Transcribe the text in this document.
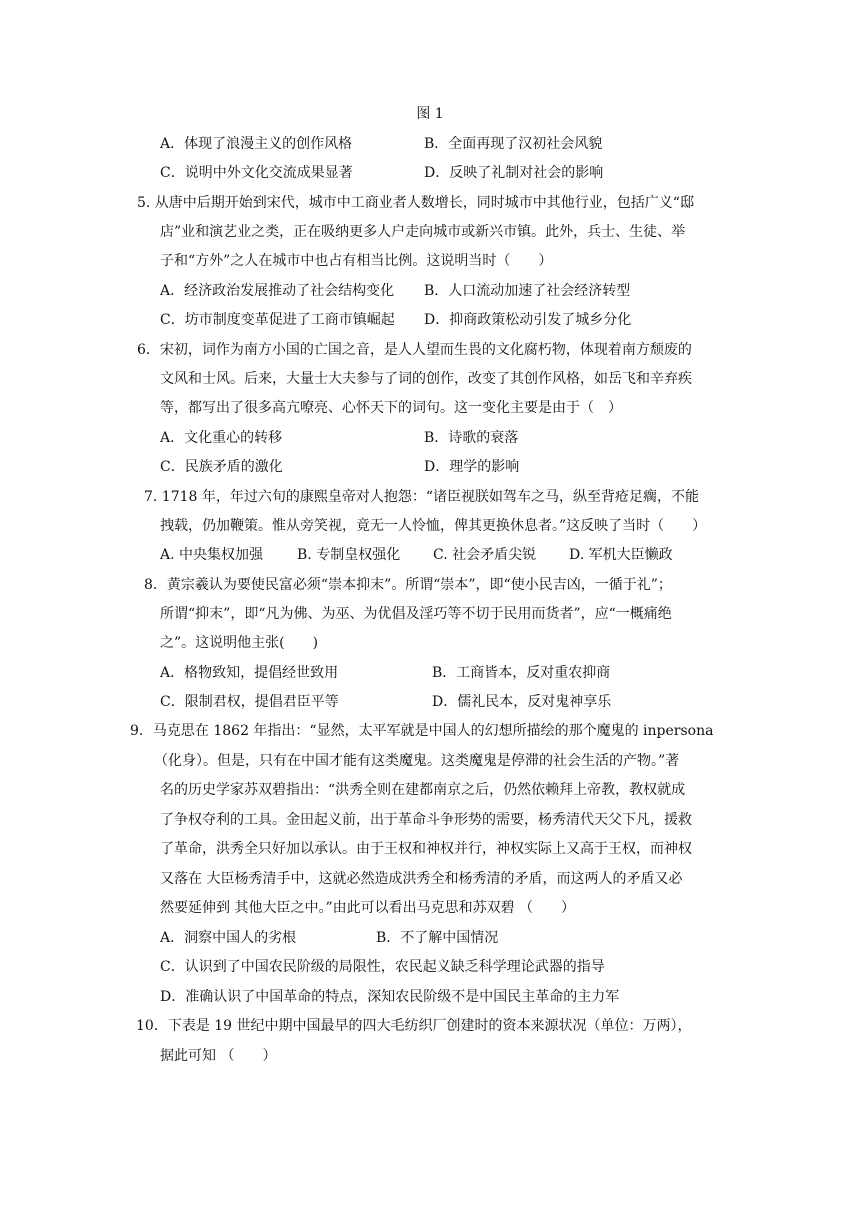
图 1
A．体现了浪漫主义的创作风格	B．全面再现了汉初社会风貌
C．说明中外文化交流成果显著	D．反映了礼制对社会的影响
5. 从唐中后期开始到宋代，城市中工商业者人数增长，同时城市中其他行业，包括广义“邸
店”业和演艺业之类，正在吸纳更多人户走向城市或新兴市镇。此外，兵士、生徒、举
子和“方外”之人在城市中也占有相当比例。这说明当时（　　）
A．经济政治发展推动了社会结构变化 B．人口流动加速了社会经济转型
C．坊市制度变革促进了工商市镇崛起 D．抑商政策松动引发了城乡分化
6．宋初，词作为南方小国的亡国之音，是人人望而生畏的文化腐朽物，体现着南方颓废的
文风和士风。后来，大量士大夫参与了词的创作，改变了其创作风格，如岳飞和辛弃疾
等，都写出了很多高亢嘹亮、心怀天下的词句。这一变化主要是由于（　）
A．文化重心的转移	B．诗歌的衰落
C．民族矛盾的激化	D．理学的影响
7. 1718 年，年过六旬的康熙皇帝对人抱怨：“诸臣视朕如驾车之马，纵至背疮足瘸，不能
拽载，仍加鞭策。惟从旁笑视，竟无一人怜恤，俾其更换休息者。”这反映了当时（　　）
A. 中央集权加强 B. 专制皇权强化 C. 社会矛盾尖锐 D. 军机大臣懒政
8．黄宗羲认为要使民富必须“崇本抑末”。所谓“崇本”，即“使小民吉凶，一循于礼”；
所谓“抑末”，即“凡为佛、为巫、为优倡及淫巧等不切于民用而货者”，应“一概痛绝
之”。这说明他主张(　　)
A．格物致知，提倡经世致用	B．工商皆本，反对重农抑商
C．限制君权，提倡君臣平等	D．儒礼民本，反对鬼神享乐
9．马克思在 1862 年指出：“显然，太平军就是中国人的幻想所描绘的那个魔鬼的 inpersona
（化身）。但是，只有在中国才能有这类魔鬼。这类魔鬼是停滞的社会生活的产物。”著
名的历史学家苏双碧指出：“洪秀全则在建都南京之后，仍然依赖拜上帝教，教权就成
了争权夺利的工具。金田起义前，出于革命斗争形势的需要，杨秀清代天父下凡，援救
了革命，洪秀全只好加以承认。由于王权和神权并行，神权实际上又高于王权，而神权
又落在 大臣杨秀清手中，这就必然造成洪秀全和杨秀清的矛盾，而这两人的矛盾又必
然要延伸到 其他大臣之中。”由此可以看出马克思和苏双碧 （　　）
A．洞察中国人的劣根	B．不了解中国情况
C．认识到了中国农民阶级的局限性，农民起义缺乏科学理论武器的指导
D．准确认识了中国革命的特点，深知农民阶级不是中国民主革命的主力军
10．下表是 19 世纪中期中国最早的四大毛纺织厂创建时的资本来源状况（单位：万两），
据此可知 （　　）
